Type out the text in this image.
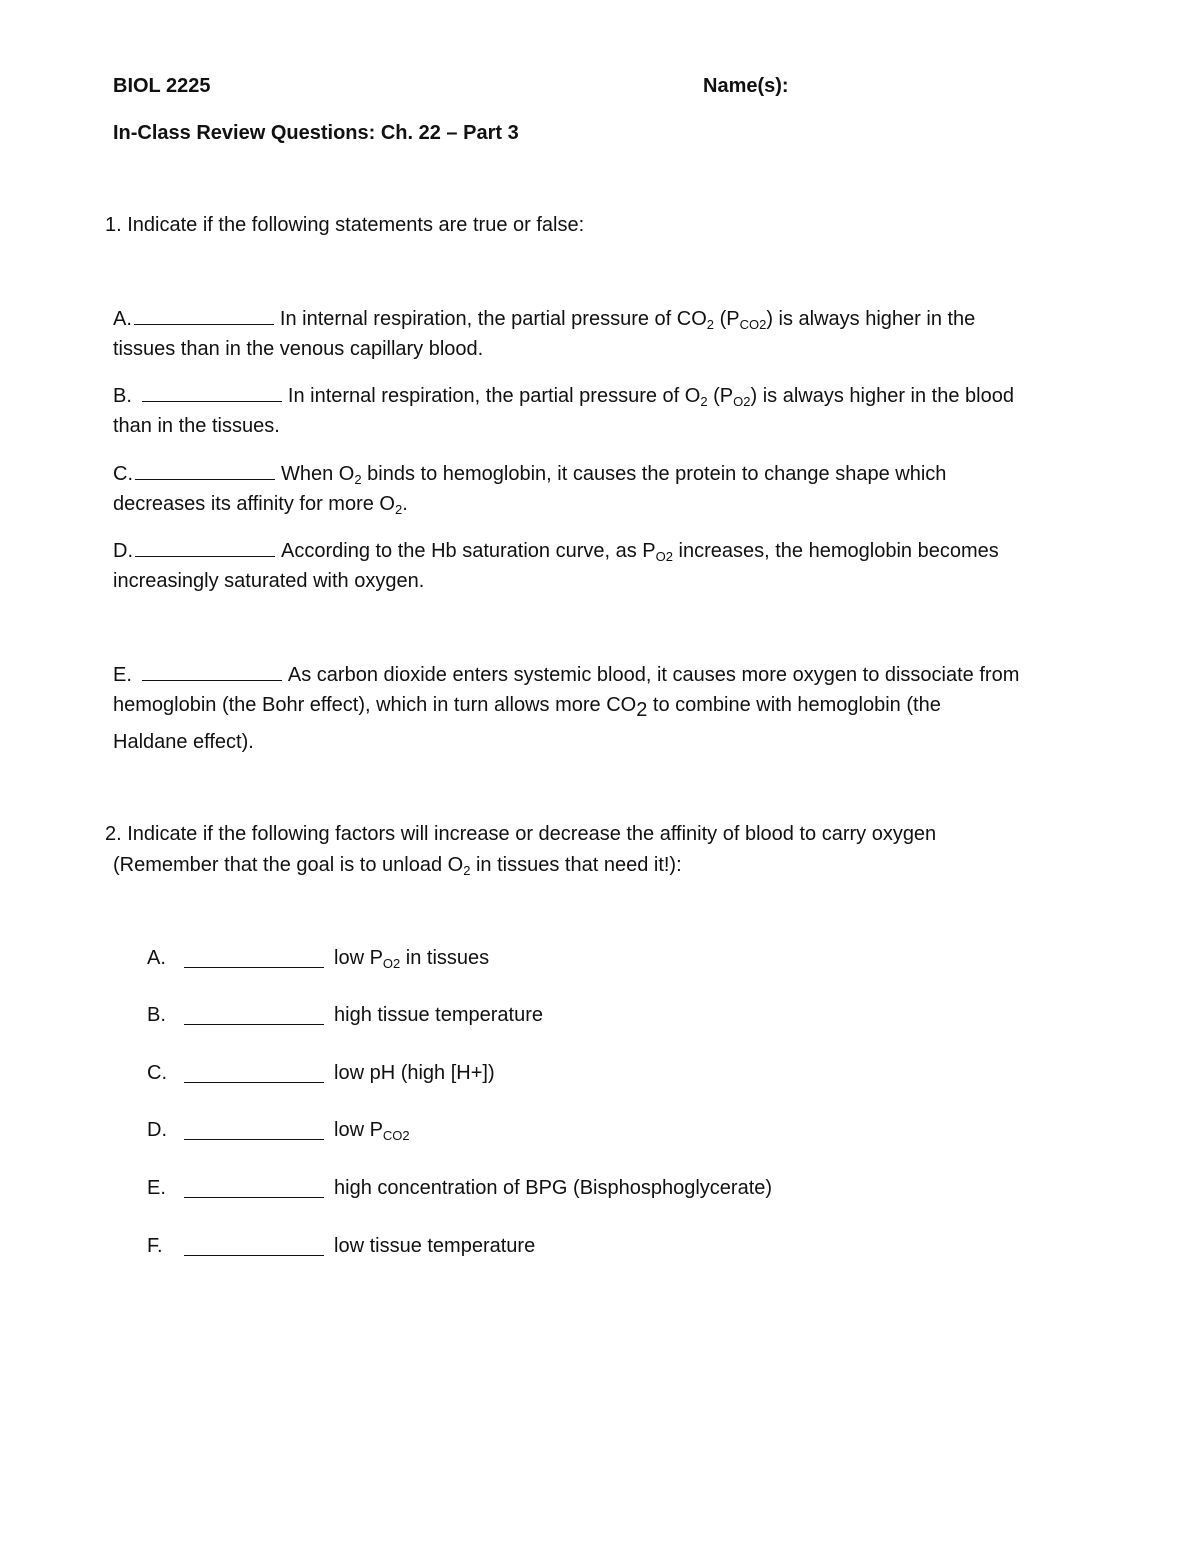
BIOL 2225	Name(s):
In-Class Review Questions: Ch. 22 – Part 3
1. Indicate if the following statements are true or false:
A.	In internal respiration, the partial pressure of $CO_2$ $(P_{CO2})$ is always higher in the
tissues than in the venous capillary blood.
B.	In internal respiration, the partial pressure of $O_2$ $(P_{O2})$ is always higher in the blood
than in the tissues.
C.	When $O_2$ binds to hemoglobin, it causes the protein to change shape which
decreases its affinity for more $O_2$.
D.	According to the Hb saturation curve, as $P_{O2}$ increases, the hemoglobin becomes
increasingly saturated with oxygen.
E.	As carbon dioxide enters systemic blood, it causes more oxygen to dissociate from
hemoglobin (the Bohr effect), which in turn allows more CO2 to combine with hemoglobin (the
Haldane effect).
2. Indicate if the following factors will increase or decrease the affinity of blood to carry oxygen
(Remember that the goal is to unload $O_2$ in tissues that need it!):
A.	low $P_{O2}$ in tissues
B.	high tissue temperature
C.	low pH (high [H+])
D.	low $P_{CO2}$
E.	high concentration of BPG (Bisphosphoglycerate)
F.	low tissue temperature
